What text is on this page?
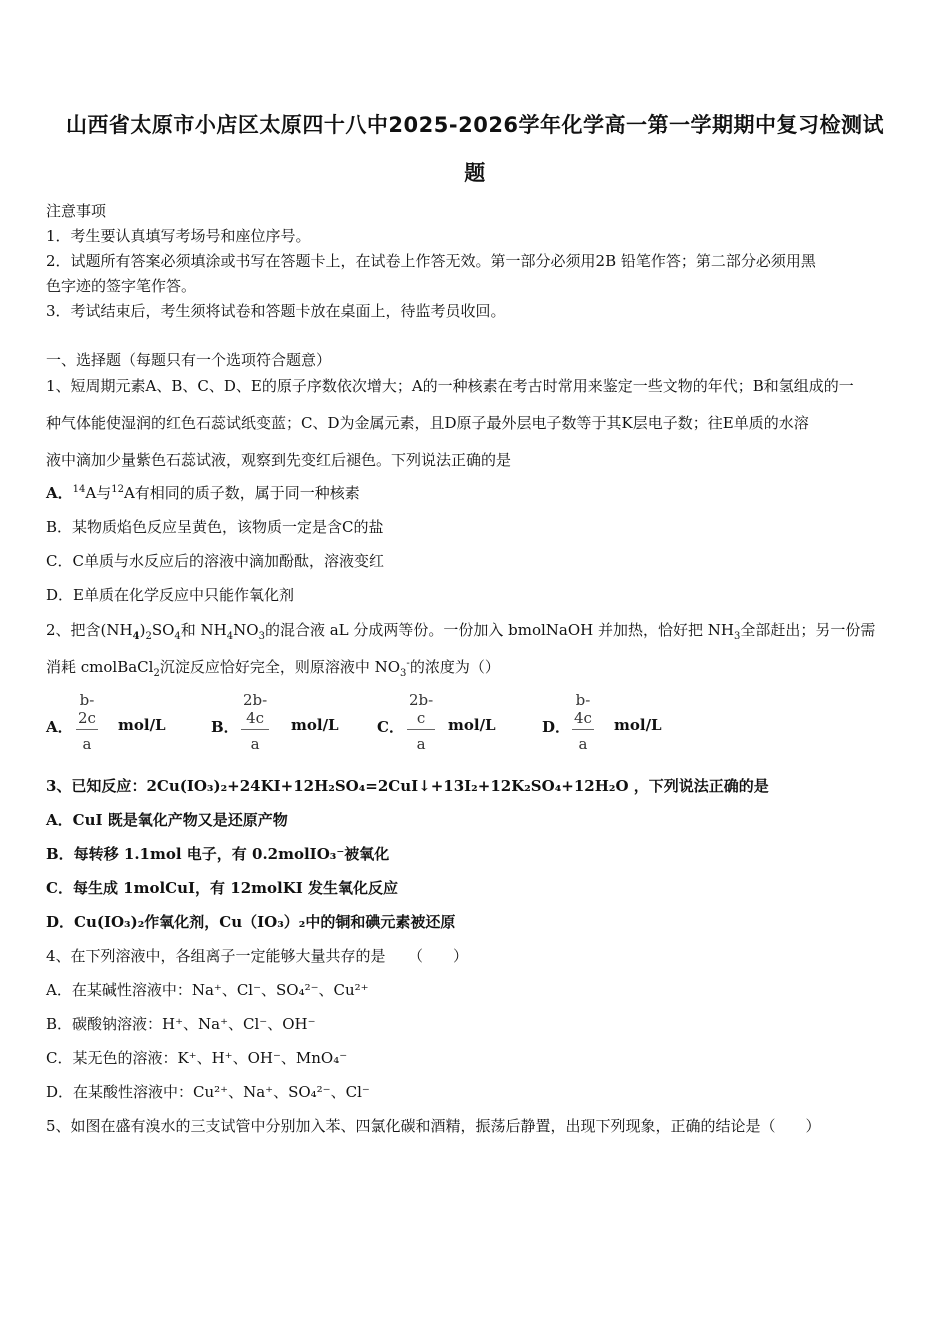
山西省太原市小店区太原四十八中2025-2026学年化学高一第一学期期中复习检测试
题
注意事项
1．考生要认真填写考场号和座位序号。
2．试题所有答案必须填涂或书写在答题卡上，在试卷上作答无效。第一部分必须用2B 铅笔作答；第二部分必须用黑
色字迹的签字笔作答。
3．考试结束后，考生须将试卷和答题卡放在桌面上，待监考员收回。
一、选择题（每题只有一个选项符合题意）
1、短周期元素A、B、C、D、E的原子序数依次增大；A的一种核素在考古时常用来鉴定一些文物的年代；B和氢组成的一
种气体能使湿润的红色石蕊试纸变蓝；C、D为金属元素，且D原子最外层电子数等于其K层电子数；往E单质的水溶
液中滴加少量紫色石蕊试液，观察到先变红后褪色。下列说法正确的是
A．$^{14}$A与$^{12}$A有相同的质子数，属于同一种核素
B．某物质焰色反应呈黄色，该物质一定是含C的盐
C．C单质与水反应后的溶液中滴加酚酞，溶液变红
D．E单质在化学反应中只能作氧化剂
2、把含$(NH_4)_2SO_4$和 $NH_4NO_3$的混合液 aL 分成两等份。一份加入 bmolNaOH 并加热，恰好把 $NH_3$全部赶出；另一份需
消耗 cmolBaCl$_2$沉淀反应恰好完全，则原溶液中 $NO_3^-$的浓度为（）
A． $\frac{b-2c}{a} mol/L$	B． $\frac{2b-4c}{a} mol/L$	C． $\frac{2b-c}{a} mol/L$	D． $\frac{b-4c}{a} mol/L$
3、已知反应：2Cu(IO₃)₂+24KI+12H₂SO₄=2CuI↓+13I₂+12K₂SO₄+12H₂O ，下列说法正确的是
A．CuI 既是氧化产物又是还原产物
B．每转移 1.1mol 电子，有 0.2molIO₃⁻被氧化
C．每生成 1molCuI，有 12molKI 发生氧化反应
D．Cu(IO₃)₂作氧化剂，Cu（IO₃）₂中的铜和碘元素被还原
4、在下列溶液中，各组离子一定能够大量共存的是　　（　　）
A．在某碱性溶液中：Na⁺、Cl⁻、SO₄²⁻、Cu²⁺
B．碳酸钠溶液：H⁺、Na⁺、Cl⁻、OH⁻
C．某无色的溶液：K⁺、H⁺、OH⁻、MnO₄⁻
D．在某酸性溶液中：Cu²⁺、Na⁺、SO₄²⁻、Cl⁻
5、如图在盛有溴水的三支试管中分别加入苯、四氯化碳和酒精，振荡后静置，出现下列现象，正确的结论是（　　）
